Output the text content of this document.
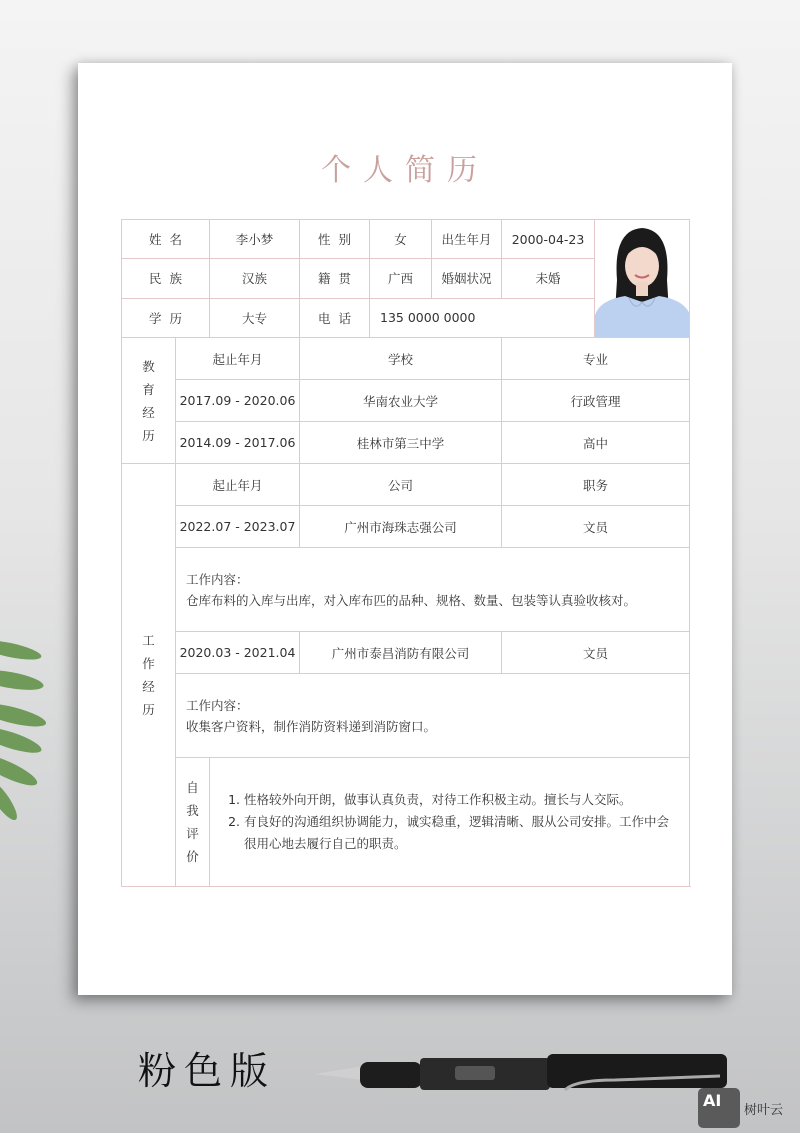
个人简历
姓  名		李小梦	性  别	女	出生年月	2000-04-23	

民  族		汉族	籍  贯	广西	婚姻状况	未婚	
学  历		大专	电  话	135 0000 0000			

教
育
经
历	起止年月		学校			专业	
	2017.09 - 2020.06		华南农业大学			行政管理	
	2014.09 - 2017.06		桂林市第三中学			高中	

工
作
经
历	起止年月		公司			职务	
	2022.07 - 2023.07		广州市海珠志强公司			文员	

	工作内容：
仓库布料的入库与出库，对入库布匹的品种、规格、数量、包装等认真验收核对。						

	2020.03 - 2021.04		广州市泰昌消防有限公司			文员	

	工作内容：
收集客户资料，制作消防资料递到消防窗口。						

自
我
评
价

1. 性格较外向开朗，做事认真负责，对待工作积极主动。擅长与人交际。
2. 有良好的沟通组织协调能力，诚实稳重，逻辑清晰、服从公司安排。工作中会很用心地去履行自己的职责。
粉色版
AI	树叶云
